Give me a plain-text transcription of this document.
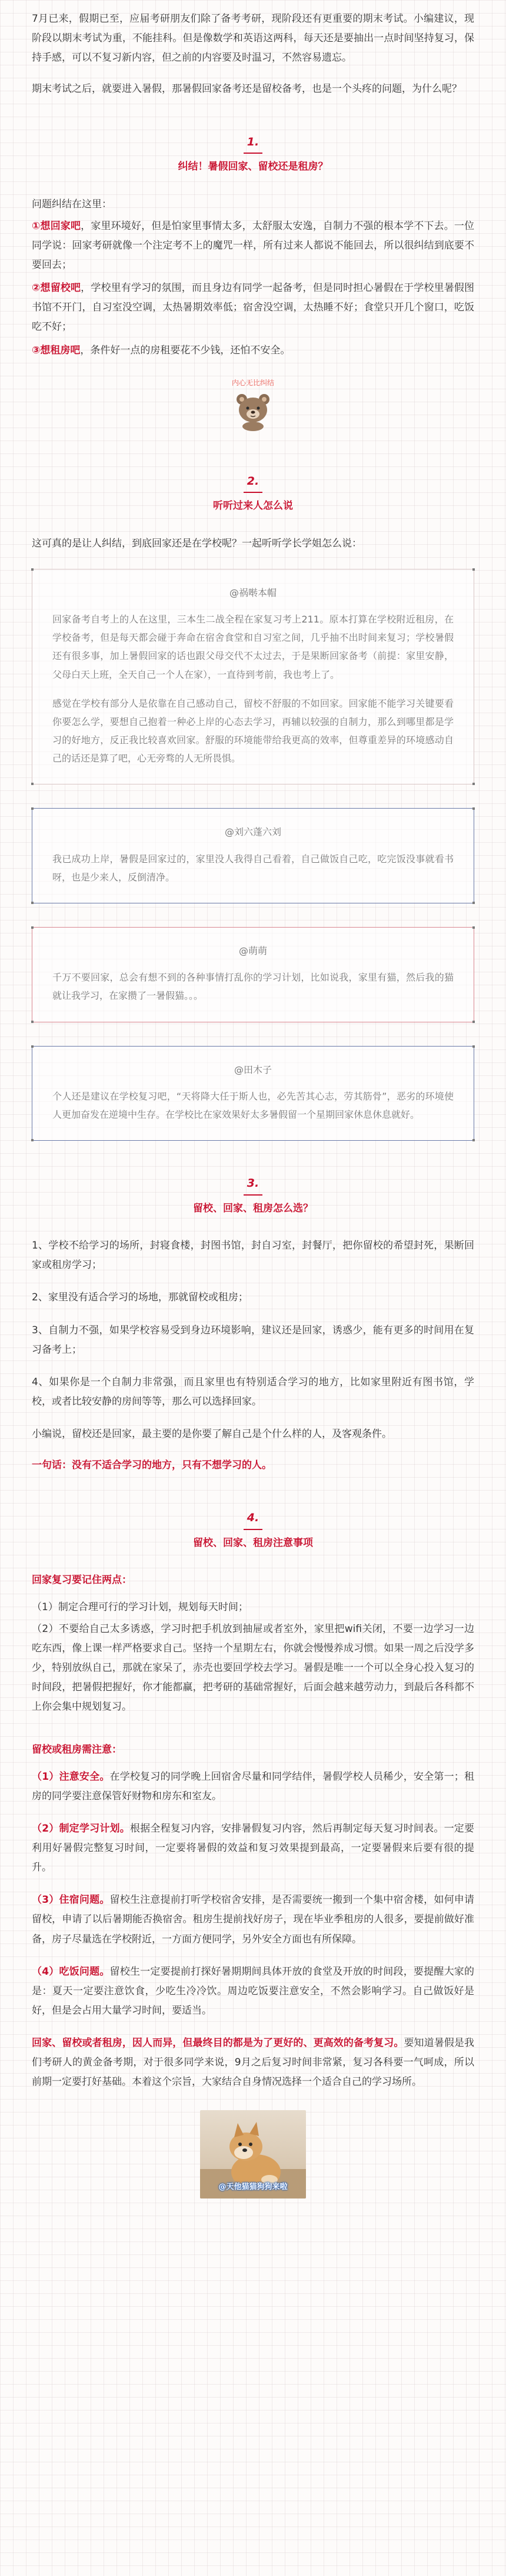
7月已来，假期已至，应届考研朋友们除了备考考研，现阶段还有更重要的期末考试。小编建议，现阶段以期末考试为重，不能挂科。但是像数学和英语这两科，每天还是要抽出一点时间坚持复习，保持手感，可以不复习新内容，但之前的内容要及时温习，不然容易遗忘。

期末考试之后，就要进入暑假，那暑假回家备考还是留校备考，也是一个头疼的问题，为什么呢？

1.
纠结！暑假回家、留校还是租房？

问题纠结在这里：

①想回家吧，家里环境好，但是怕家里事情太多，太舒服太安逸，自制力不强的根本学不下去。一位同学说：回家考研就像一个注定考不上的魔咒一样，所有过来人都说不能回去，所以很纠结到底要不要回去；

②想留校吧，学校里有学习的氛围，而且身边有同学一起备考，但是同时担心暑假在于学校里暑假图书馆不开门，自习室没空调，太热暑期效率低；宿舍没空调，太热睡不好；食堂只开几个窗口，吃饭吃不好；

③想租房吧，条件好一点的房租要花不少钱，还怕不安全。

内心无比纠结
2.
听听过来人怎么说

这可真的是让人纠结，到底回家还是在学校呢？一起听听学长学姐怎么说：

@祸啭本帽

回家备考自考上的人在这里，三本生二战全程在家复习考上211。原本打算在学校附近租房，在学校备考，但是每天都会碰于奔命在宿舍食堂和自习室之间，几乎抽不出时间来复习；学校暑假还有很多事，加上暑假回家的话也跟父母交代不太过去，于是果断回家备考（前提：家里安静，父母白天上班，全天自己一个人在家），一直待到考前，我也考上了。

感觉在学校有部分人是依靠在自己感动自己，留校不舒服的不如回家。回家能不能学习关键要看你要怎么学，要想自己抱着一种必上岸的心态去学习，再辅以较强的自制力，那么到哪里都是学习的好地方，反正我比较喜欢回家。舒服的环境能带给我更高的效率，但尊重差异的环境感动自己的话还是算了吧，心无旁骛的人无所畏惧。

@刘六蓬六刘

我已成功上岸，暑假是回家过的，家里没人我得自己看着，自己做饭自己吃，吃完饭没事就看书呀，也是少来人，反倒清净。

@萌萌

千万不要回家，总会有想不到的各种事情打乱你的学习计划，比如说我，家里有猫，然后我的猫就让我学习，在家攒了一暑假猫。。。

@田木子

个人还是建议在学校复习吧，“天将降大任于斯人也，必先苦其心志，劳其筋骨”，恶劣的环境使人更加奋发在逆境中生存。在学校比在家效果好太多暑假留一个星期回家休息休息就好。

3.
留校、回家、租房怎么选？

1、学校不给学习的场所，封寝食楼，封图书馆，封自习室，封餐厅，把你留校的希望封死，果断回家或租房学习；

2、家里没有适合学习的场地，那就留校或租房；

3、自制力不强，如果学校容易受到身边环境影响，建议还是回家，诱惑少，能有更多的时间用在复习备考上；

4、如果你是一个自制力非常强，而且家里也有特别适合学习的地方，比如家里附近有图书馆，学校，或者比较安静的房间等等，那么可以选择回家。

小编说，留校还是回家，最主要的是你要了解自己是个什么样的人，及客观条件。

一句话：没有不适合学习的地方，只有不想学习的人。

4.
留校、回家、租房注意事项
回家复习要记住两点：

（1）制定合理可行的学习计划，规划每天时间；

（2）不要给自己太多诱惑，学习时把手机放到抽屉或者室外，家里把wifi关闭，不要一边学习一边吃东西，像上课一样严格要求自己。坚持一个星期左右，你就会慢慢养成习惯。如果一周之后没学多少，特别放纵自己，那就在家呆了，赤壳也要回学校去学习。暑假是唯一一个可以全身心投入复习的时间段，把暑假把握好，你才能都赢，把考研的基础常握好，后面会越来越劳动力，到最后各科都不上你会集中规划复习。

留校或租房需注意：

（1）注意安全。在学校复习的同学晚上回宿舍尽量和同学结伴，暑假学校人员稀少，安全第一；租房的同学要注意保管好财物和房东和室友。

（2）制定学习计划。根据全程复习内容，安排暑假复习内容，然后再制定每天复习时间表。一定要利用好暑假完整复习时间，一定要将暑假的效益和复习效果提到最高，一定要暑假来后要有很的提升。

（3）住宿问题。留校生注意提前打听学校宿舍安排，是否需要统一搬到一个集中宿舍楼，如何申请留校，申请了以后暑期能否换宿舍。租房生提前找好房子，现在毕业季租房的人很多，要提前做好准备，房子尽量选在学校附近，一方面方便同学，另外安全方面也有所保障。

（4）吃饭问题。留校生一定要提前打探好暑期期间具体开放的食堂及开放的时间段，要提醒大家的是：夏天一定要注意饮食，少吃生冷冷饮。周边吃饭要注意安全，不然会影响学习。自己做饭好是好，但是会占用大量学习时间，要适当。

回家、留校或者租房，因人而异，但最终目的都是为了更好的、更高效的备考复习。要知道暑假是我们考研人的黄金备考期，对于很多同学来说，9月之后复习时间非常紧，复习各科要一气呵成，所以前期一定要打好基础。本着这个宗旨，大家结合自身情况选择一个适合自己的学习场所。

@天他猫猫狗狗来啦
